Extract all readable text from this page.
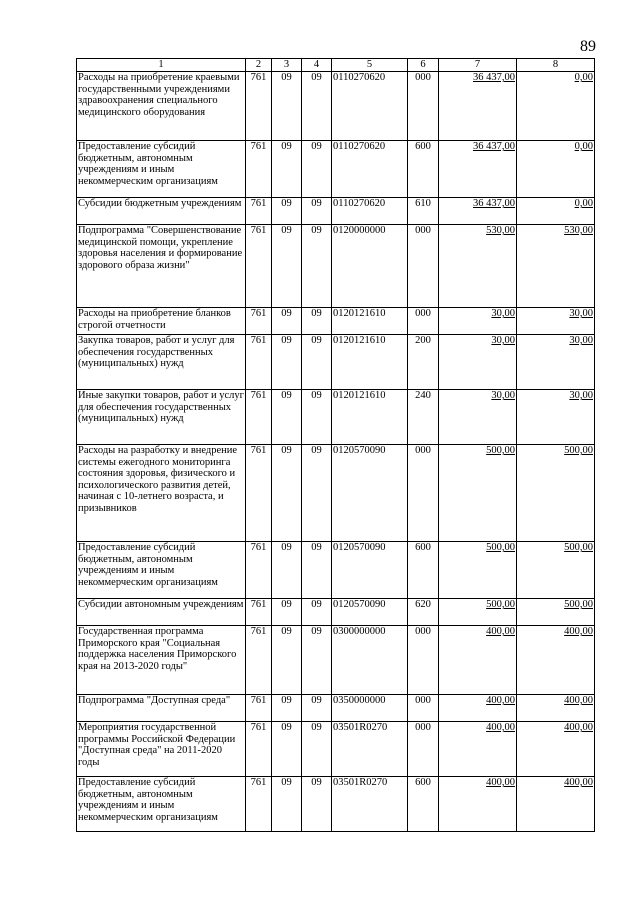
89
1	2	3	4	5	6	7	8
Расходы на приобретение краевыми государственными учреждениями здравоохранения специального медицинского оборудования	761	09	09	0110270620	000	36 437,00	0,00
Предоставление субсидий бюджетным, автономным учреждениям и иным некоммерческим организациям	761	09	09	0110270620	600	36 437,00	0,00
Субсидии бюджетным учреждениям	761	09	09	0110270620	610	36 437,00	0,00
Подпрограмма "Совершенствование медицинской помощи, укрепление здоровья населения и формирование здорового образа жизни"	761	09	09	0120000000	000	530,00	530,00
Расходы на приобретение бланков строгой отчетности	761	09	09	0120121610	000	30,00	30,00
Закупка товаров, работ и услуг для обеспечения государственных (муниципальных) нужд	761	09	09	0120121610	200	30,00	30,00
Иные закупки товаров, работ и услуг для обеспечения государственных (муниципальных) нужд	761	09	09	0120121610	240	30,00	30,00
Расходы на разработку и внедрение системы ежегодного мониторинга состояния здоровья, физического и психологического развития детей, начиная с 10-летнего возраста, и призывников	761	09	09	0120570090	000	500,00	500,00
Предоставление субсидий бюджетным, автономным учреждениям и иным некоммерческим организациям	761	09	09	0120570090	600	500,00	500,00
Субсидии автономным учреждениям	761	09	09	0120570090	620	500,00	500,00
Государственная программа Приморского края "Социальная поддержка населения Приморского края на 2013-2020 годы"	761	09	09	0300000000	000	400,00	400,00
Подпрограмма "Доступная среда"	761	09	09	0350000000	000	400,00	400,00
Мероприятия государственной программы Российской Федерации "Доступная среда" на 2011-2020 годы	761	09	09	03501R0270	000	400,00	400,00
Предоставление субсидий бюджетным, автономным учреждениям и иным некоммерческим организациям	761	09	09	03501R0270	600	400,00	400,00
